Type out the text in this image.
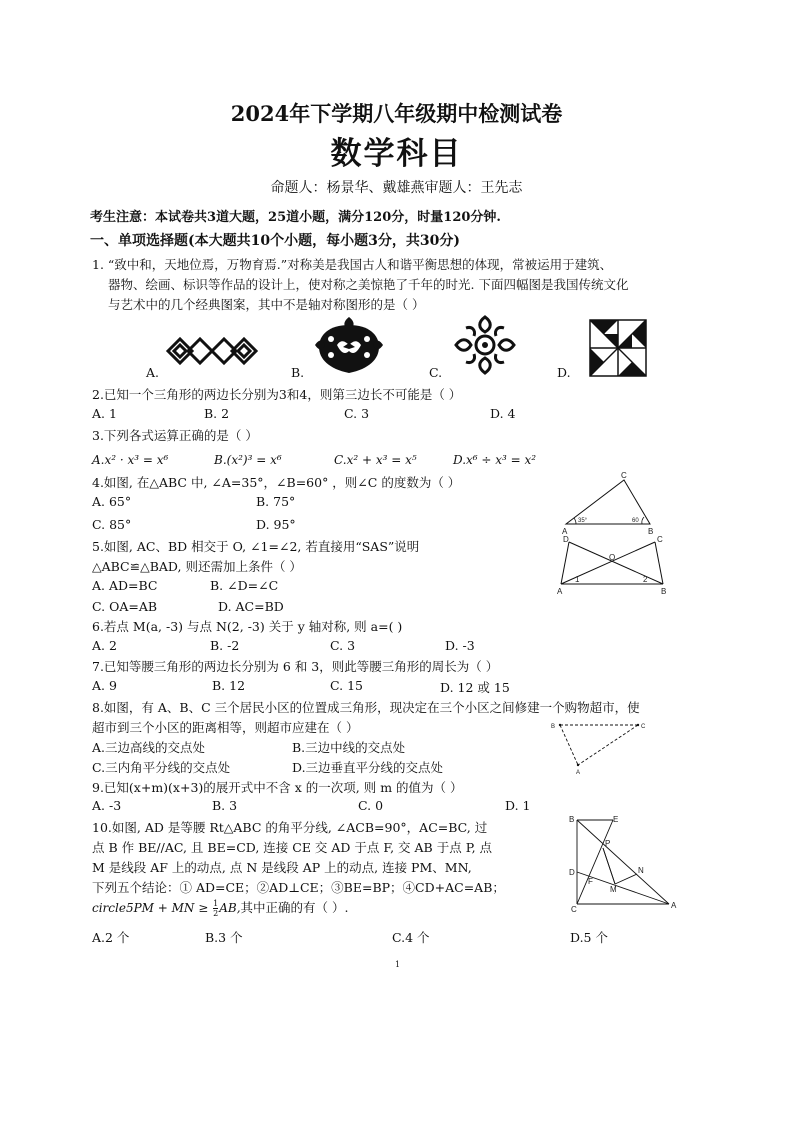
2024年下学期八年级期中检测试卷
数学科目
命题人：杨景华、戴雄燕审题人：王先志
考生注意：本试卷共3道大题，25道小题，满分120分，时量120分钟.
一、单项选择题(本大题共10个小题，每小题3分，共30分)
1. “致中和，天地位焉，万物育焉.”对称美是我国古人和谐平衡思想的体现，常被运用于建筑、
器物、绘画、标识等作品的设计上，使对称之美惊艳了千年的时光. 下面四幅图是我国传统文化
与艺术中的几个经典图案，其中不是轴对称图形的是（ ）
A.	B.	C.	D.
2.已知一个三角形的两边长分别为3和4，则第三边长不可能是（ ）
A. 1	B. 2	C. 3	D. 4
3.下列各式运算正确的是（ ）
A.x² · x³ = x⁶	B.(x²)³ = x⁶	C.x² + x³ = x⁵	D.x⁶ ÷ x³ = x²
4.如图, 在△ABC 中, ∠A=35°，∠B=60° ，则∠C 的度数为（ ）
A. 65°	B. 75°
C. 85°	D. 95°
C
A	B
35°	60
5.如图, AC、BD 相交于 O, ∠1=∠2, 若直接用“SAS”说明
△ABC≌△BAD, 则还需加上条件（ ）
A. AD=BC	B. ∠D=∠C
C. OA=AB	D. AC=BD
D	C
O
A	B
1	2
6.若点 M(a, -3) 与点 N(2, -3) 关于 y 轴对称, 则 a=( )
A. 2	B. -2	C. 3	D. -3
7.已知等腰三角形的两边长分别为 6 和 3，则此等腰三角形的周长为（ ）
A. 9	B. 12	C. 15	D. 12 或 15
8.如图，有 A、B、C 三个居民小区的位置成三角形，现决定在三个小区之间修建一个购物超市，使
超市到三个小区的距离相等，则超市应建在（ ）
A.三边高线的交点处	B.三边中线的交点处
C.三内角平分线的交点处	D.三边垂直平分线的交点处
B	C
A
9.已知(x+m)(x+3)的展开式中不含 x 的一次项, 则 m 的值为（ ）
A. -3	B. 3	C. 0	D. 1
10.如图, AD 是等腰 Rt△ABC 的角平分线, ∠ACB=90°，AC=BC, 过
点 B 作 BE//AC, 且 BE=CD, 连接 CE 交 AD 于点 F, 交 AB 于点 P, 点
M 是线段 AF 上的动点, 点 N 是线段 AP 上的动点, 连接 PM、MN,
下列五个结论：① AD=CE；②AD⊥CE；③BE=BP；④CD+AC=AB；
circle5PM + MN ≥ $\frac{1}{2}$ AB,其中正确的有（ ）.
A.2 个	B.3 个	C.4 个	D.5 个
B	E
P
D
F
N
M
C	A
1
